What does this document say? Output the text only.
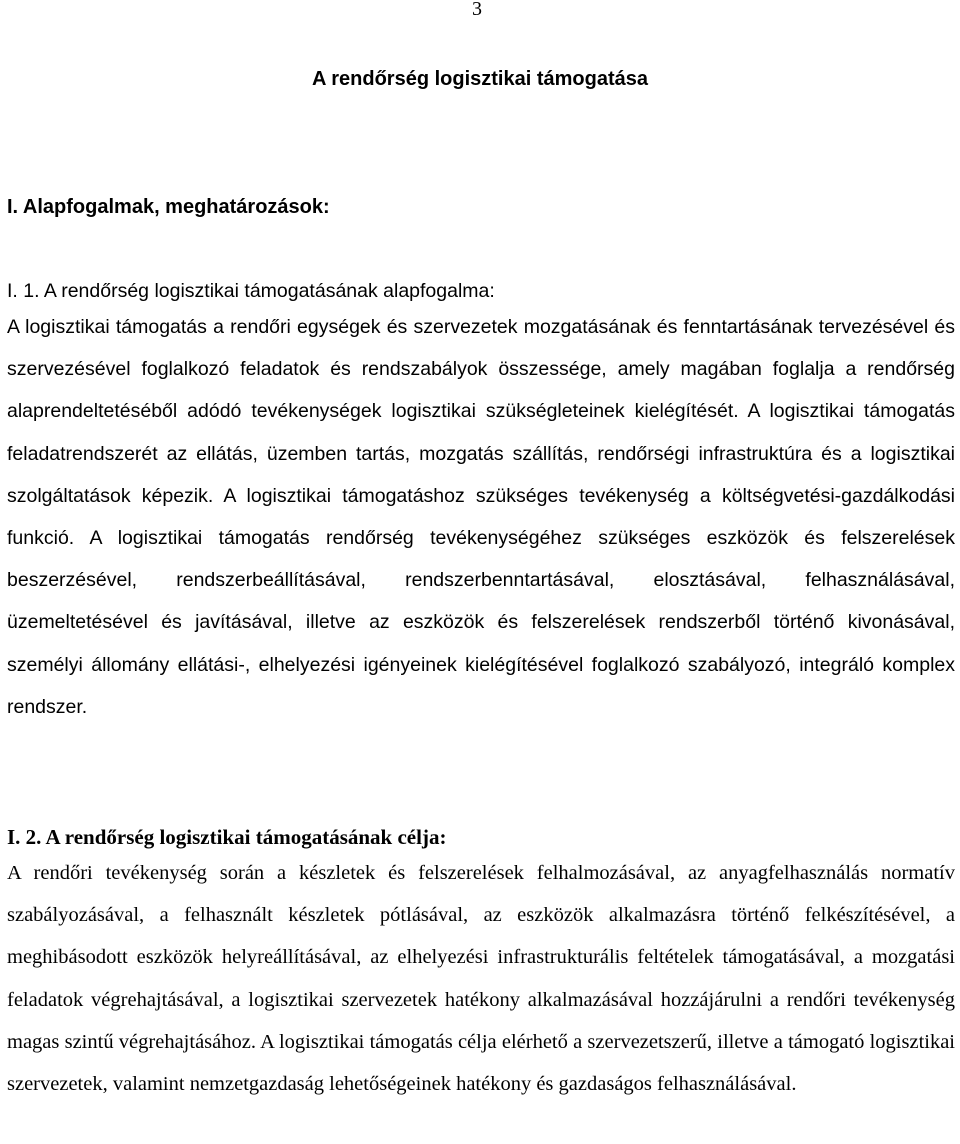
3
A rendőrség logisztikai támogatása
I. Alapfogalmak, meghatározások:
I. 1. A rendőrség logisztikai támogatásának alapfogalma:

A logisztikai támogatás a rendőri egységek és szervezetek mozgatásának és fenntartásának tervezésével és szervezésével foglalkozó feladatok és rendszabályok összessége, amely magában foglalja a rendőrség alaprendeltetéséből adódó tevékenységek logisztikai szükségleteinek kielégítését. A logisztikai támogatás feladatrendszerét az ellátás, üzemben tartás, mozgatás szállítás, rendőrségi infrastruktúra és a logisztikai szolgáltatások képezik. A logisztikai támogatáshoz szükséges tevékenység a költségvetési-gazdálkodási funkció. A logisztikai támogatás rendőrség tevékenységéhez szükséges eszközök és felszerelések beszerzésével, rendszerbeállításával, rendszerbenntartásával, elosztásával, felhasználásával, üzemeltetésével és javításával, illetve az eszközök és felszerelések rendszerből történő kivonásával, személyi állomány ellátási-, elhelyezési igényeinek kielégítésével foglalkozó szabályozó, integráló komplex rendszer.

I. 2. A rendőrség logisztikai támogatásának célja:

A rendőri tevékenység során a készletek és felszerelések felhalmozásával, az anyagfelhasználás normatív szabályozásával, a felhasznált készletek pótlásával, az eszközök alkalmazásra történő felkészítésével, a meghibásodott eszközök helyreállításával, az elhelyezési infrastrukturális feltételek támogatásával, a mozgatási feladatok végrehajtásával, a logisztikai szervezetek hatékony alkalmazásával hozzájárulni a rendőri tevékenység magas szintű végrehajtásához. A logisztikai támogatás célja elérhető a szervezetszerű, illetve a támogató logisztikai szervezetek, valamint nemzetgazdaság lehetőségeinek hatékony és gazdaságos felhasználásával.
